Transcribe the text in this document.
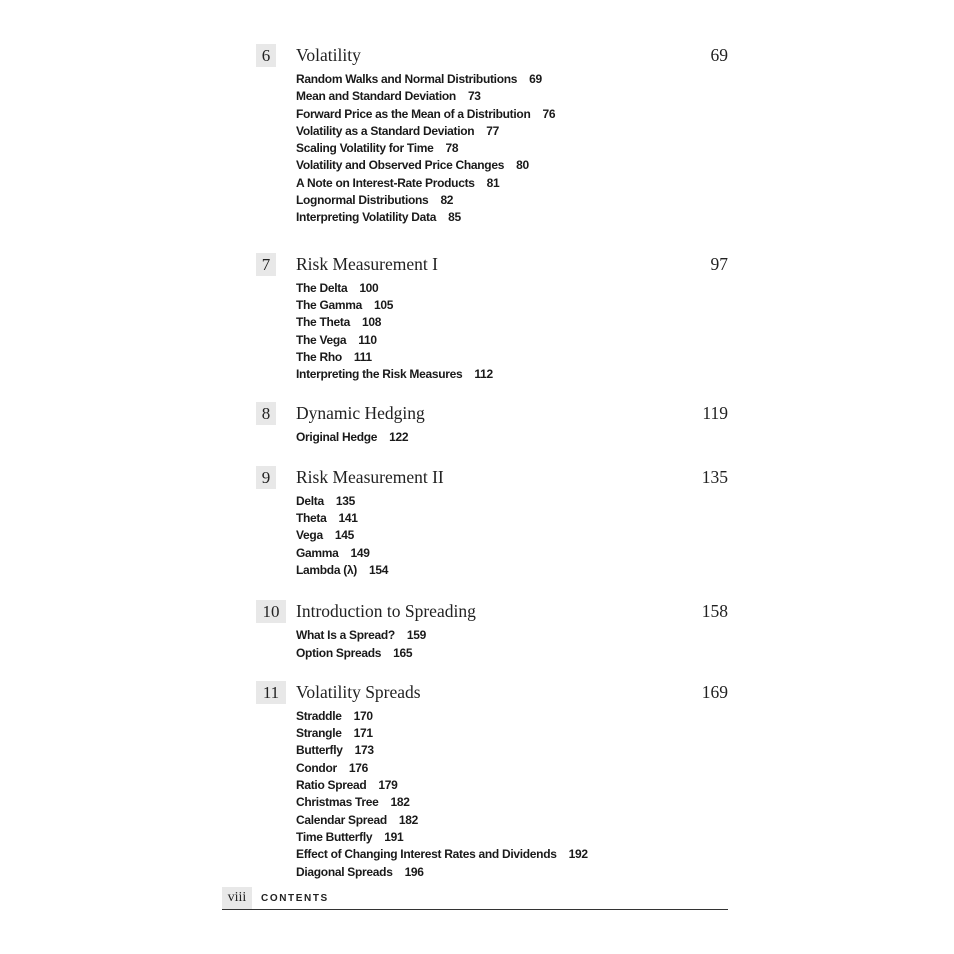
6	Volatility	69
Random Walks and Normal Distributions 69
Mean and Standard Deviation 73
Forward Price as the Mean of a Distribution 76
Volatility as a Standard Deviation 77
Scaling Volatility for Time 78
Volatility and Observed Price Changes 80
A Note on Interest-Rate Products 81
Lognormal Distributions 82
Interpreting Volatility Data 85
7	Risk Measurement I	97
The Delta 100
The Gamma 105
The Theta 108
The Vega 110
The Rho 111
Interpreting the Risk Measures 112
8	Dynamic Hedging	119
Original Hedge 122
9	Risk Measurement II	135
Delta 135
Theta 141
Vega 145
Gamma 149
Lambda (λ) 154
10 Introduction to Spreading	158
What Is a Spread? 159
Option Spreads 165
11 Volatility Spreads	169
Straddle 170
Strangle 171
Butterfly 173
Condor 176
Ratio Spread 179
Christmas Tree 182
Calendar Spread 182
Time Butterfly 191
Effect of Changing Interest Rates and Dividends 192
Diagonal Spreads 196
viii	CONTENTS
